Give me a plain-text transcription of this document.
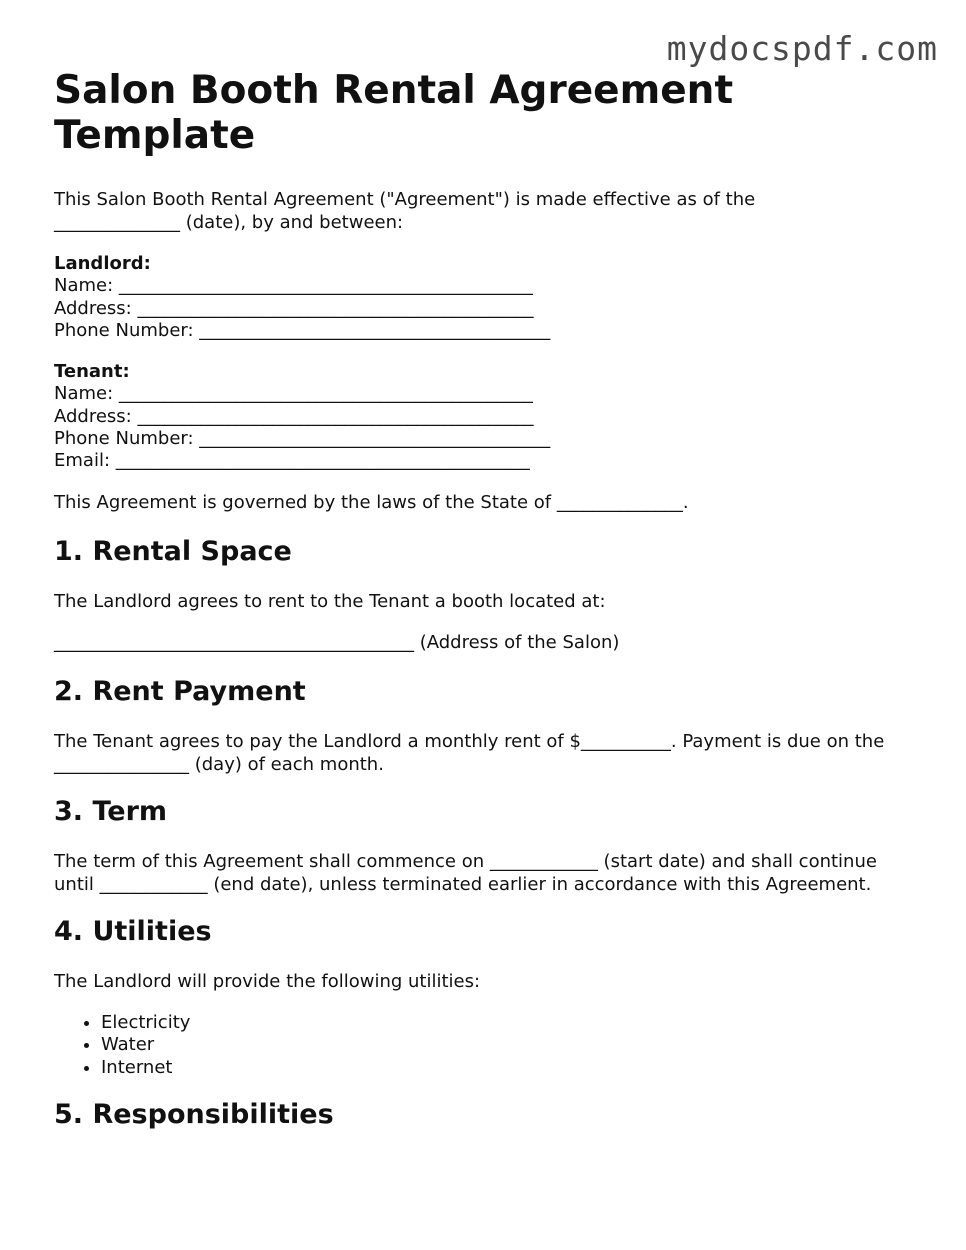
mydocspdf.com
Salon Booth Rental Agreement Template

This Salon Booth Rental Agreement ("Agreement") is made effective as of the ______________ (date), by and between:

Landlord:

Name: ______________________________________________

Address: ____________________________________________

Phone Number: _______________________________________

Tenant:

Name: ______________________________________________

Address: ____________________________________________

Phone Number: _______________________________________

Email: ______________________________________________

This Agreement is governed by the laws of the State of ______________.

1. Rental Space

The Landlord agrees to rent to the Tenant a booth located at:

________________________________________ (Address of the Salon)

2. Rent Payment

The Tenant agrees to pay the Landlord a monthly rent of $__________. Payment is due on the _______________ (day) of each month.

3. Term

The term of this Agreement shall commence on ____________ (start date) and shall continue until ____________ (end date), unless terminated earlier in accordance with this Agreement.

4. Utilities

The Landlord will provide the following utilities:

• Electricity
• Water
• Internet
5. Responsibilities
